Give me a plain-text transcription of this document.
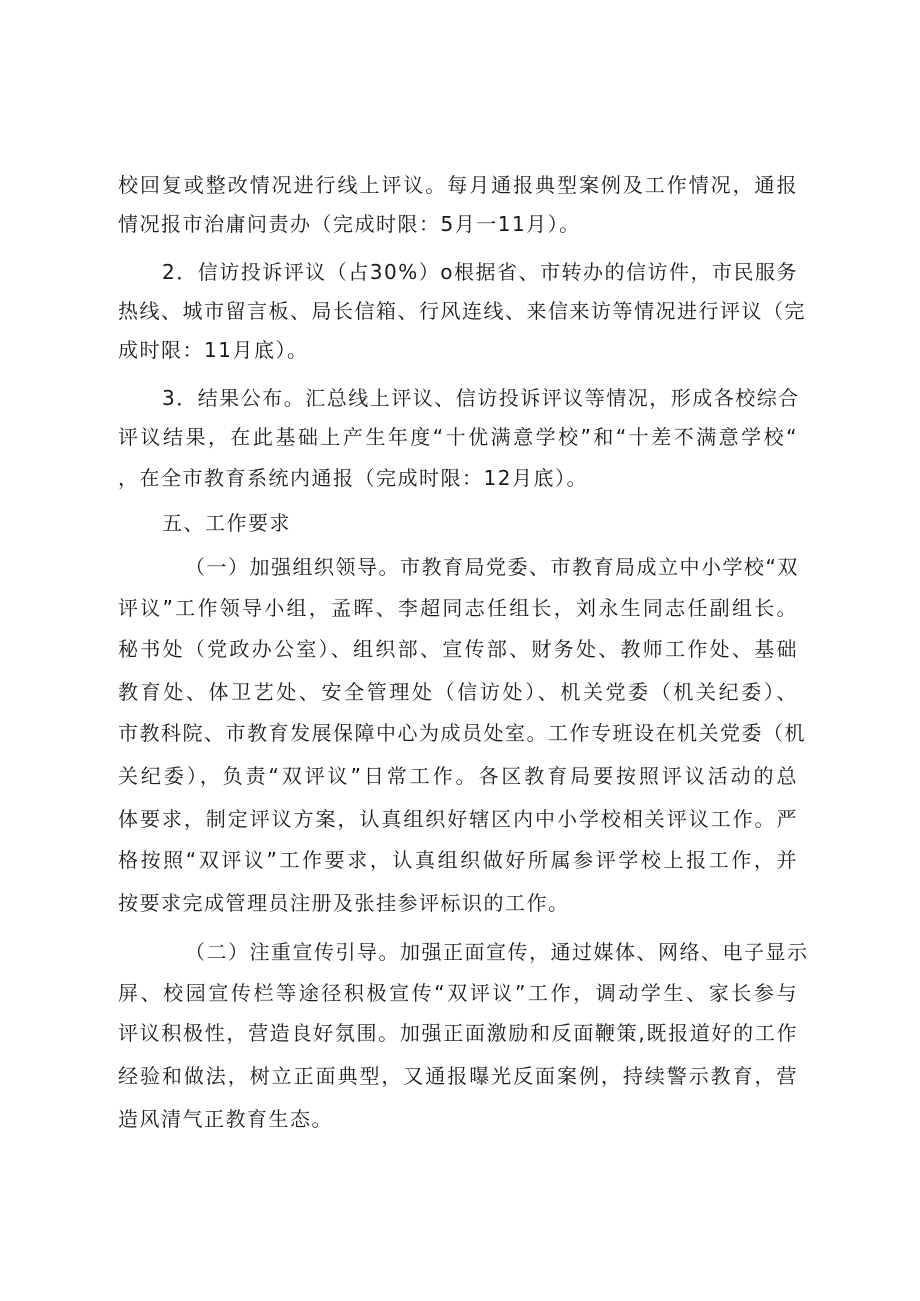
校回复或整改情况进行线上评议。每月通报典型案例及工作情况，通报
情况报市治庸问责办（完成时限：5月一11月）。
2．信访投诉评议（占30%）o根据省、市转办的信访件，市民服务
热线、城市留言板、局长信箱、行风连线、来信来访等情况进行评议（完
成时限：11月底）。
3．结果公布。汇总线上评议、信访投诉评议等情况，形成各校综合
评议结果，在此基础上产生年度“十优满意学校”和“十差不满意学校“
，在全市教育系统内通报（完成时限：12月底）。
五、工作要求
（一）加强组织领导。市教育局党委、市教育局成立中小学校“双
评议”工作领导小组，孟晖、李超同志任组长，刘永生同志任副组长。
秘书处（党政办公室）、组织部、宣传部、财务处、教师工作处、基础
教育处、体卫艺处、安全管理处（信访处）、机关党委（机关纪委）、
市教科院、市教育发展保障中心为成员处室。工作专班设在机关党委（机
关纪委），负责“双评议”日常工作。各区教育局要按照评议活动的总
体要求，制定评议方案，认真组织好辖区内中小学校相关评议工作。严
格按照“双评议”工作要求，认真组织做好所属参评学校上报工作，并
按要求完成管理员注册及张挂参评标识的工作。
（二）注重宣传引导。加强正面宣传，通过媒体、网络、电子显示
屏、校园宣传栏等途径积极宣传“双评议”工作，调动学生、家长参与
评议积极性，营造良好氛围。加强正面激励和反面鞭策,既报道好的工作
经验和做法，树立正面典型，又通报曝光反面案例，持续警示教育，营
造风清气正教育生态。
